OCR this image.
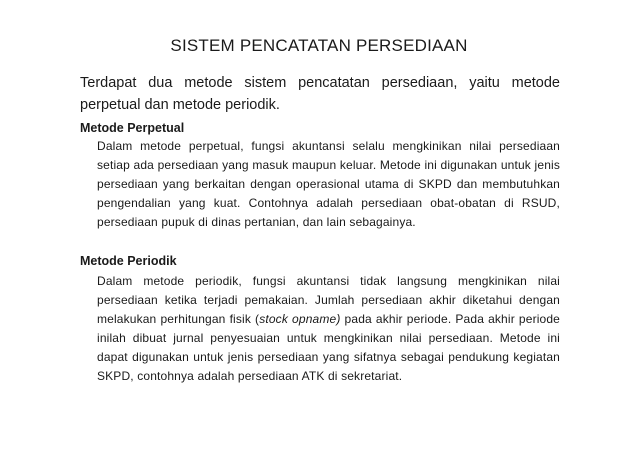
SISTEM PENCATATAN PERSEDIAAN
Terdapat dua metode sistem pencatatan persediaan, yaitu metode perpetual dan metode periodik.
Metode Perpetual
Dalam metode perpetual, fungsi akuntansi selalu mengkinikan nilai persediaan setiap ada persediaan yang masuk maupun keluar. Metode ini digunakan untuk jenis persediaan yang berkaitan dengan operasional utama di SKPD dan membutuhkan pengendalian yang kuat. Contohnya adalah persediaan obat-obatan di RSUD, persediaan pupuk di dinas pertanian, dan lain sebagainya.
Metode Periodik
Dalam metode periodik, fungsi akuntansi tidak langsung mengkinikan nilai persediaan ketika terjadi pemakaian. Jumlah persediaan akhir diketahui dengan melakukan perhitungan fisik (stock opname) pada akhir periode. Pada akhir periode inilah dibuat jurnal penyesuaian untuk mengkinikan nilai persediaan. Metode ini dapat digunakan untuk jenis persediaan yang sifatnya sebagai pendukung kegiatan SKPD, contohnya adalah persediaan ATK di sekretariat.
